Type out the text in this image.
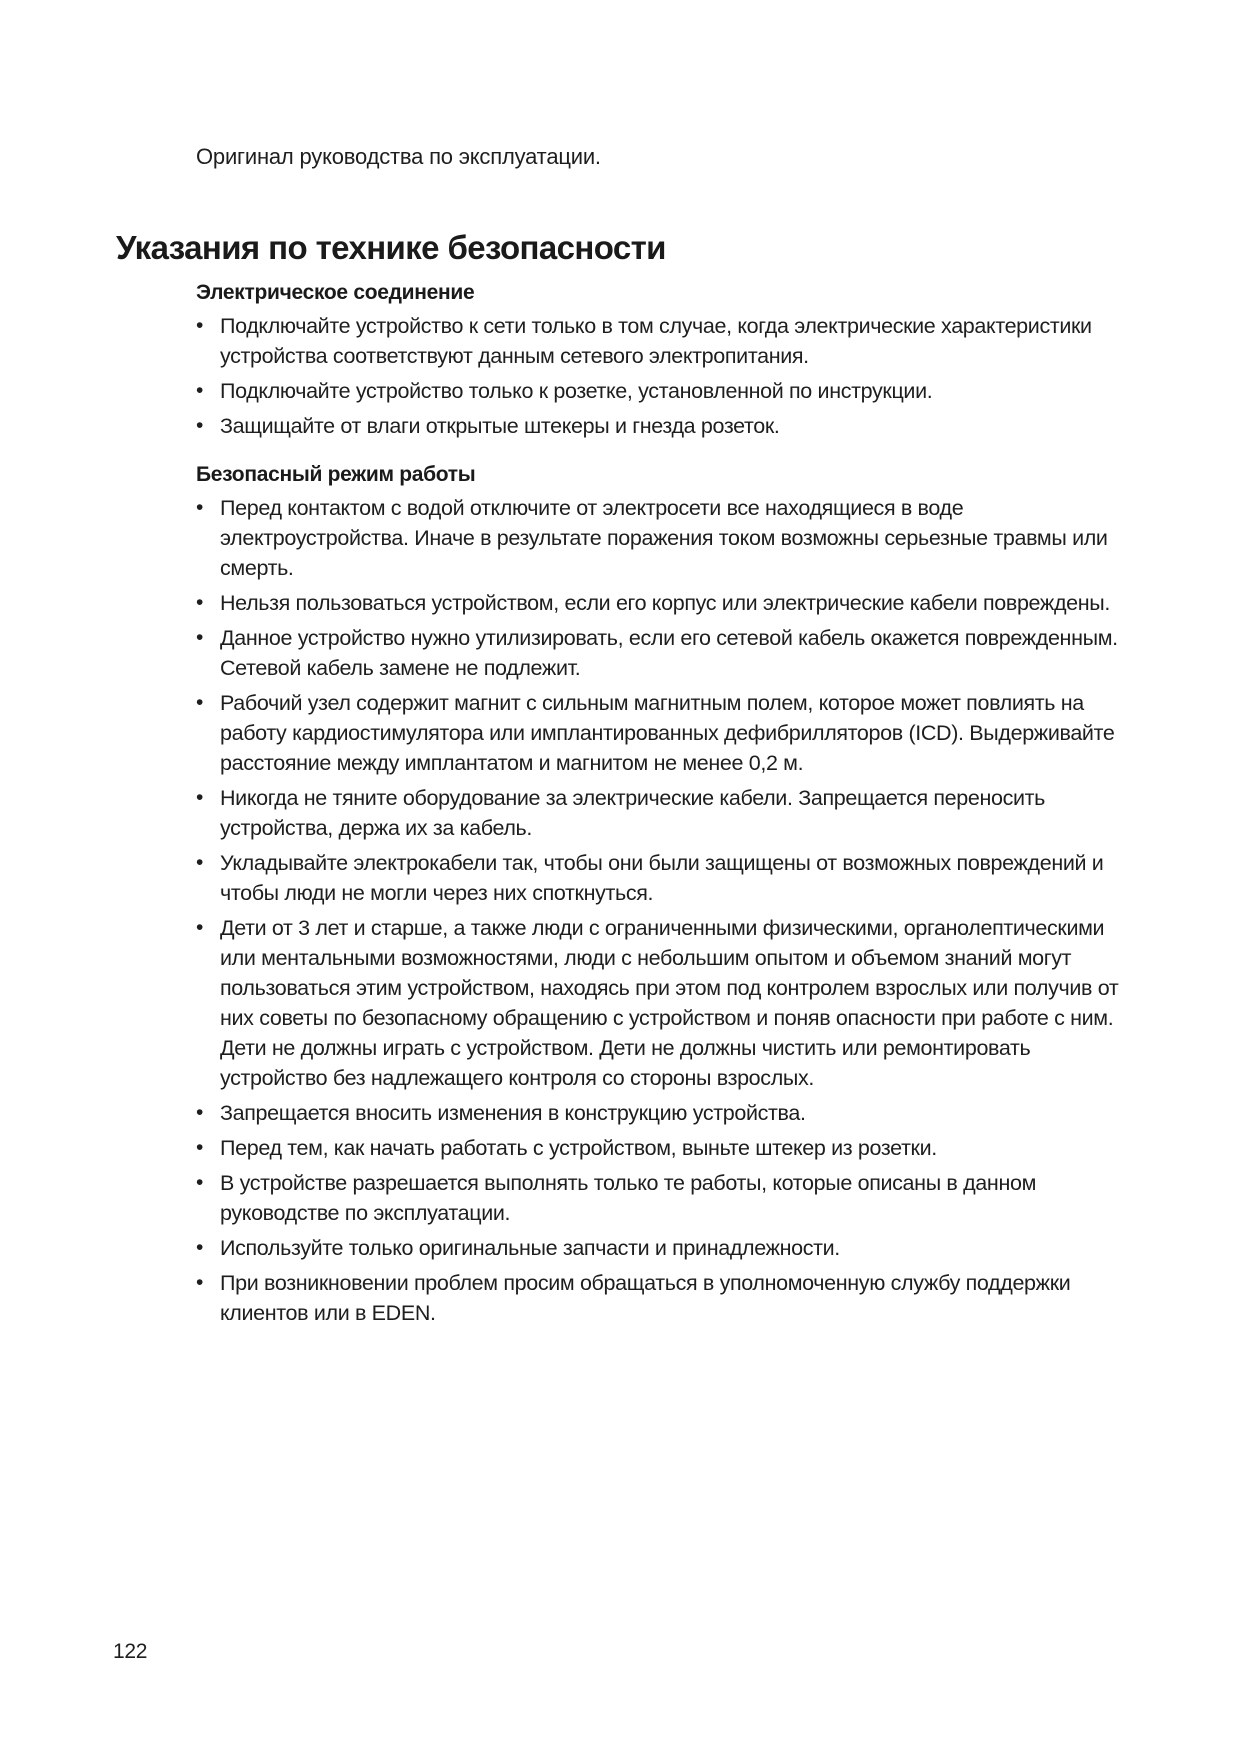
Оригинал руководства по эксплуатации.

Указания по технике безопасности
Электрическое соединение
• Подключайте устройство к сети только в том случае, когда электрические характеристики устройства соответствуют данным сетевого электропитания.
• Подключайте устройство только к розетке, установленной по инструкции.
• Защищайте от влаги открытые штекеры и гнезда розеток.
Безопасный режим работы
• Перед контактом с водой отключите от электросети все находящиеся в воде электроустройства. Иначе в результате поражения током возможны серьезные травмы или смерть.
• Нельзя пользоваться устройством, если его корпус или электрические кабели повреждены.
• Данное устройство нужно утилизировать, если его сетевой кабель окажется поврежденным. Сетевой кабель замене не подлежит.
• Рабочий узел содержит магнит с сильным магнитным полем, которое может повлиять на работу кардиостимулятора или имплантированных дефибрилляторов (ICD). Выдерживайте расстояние между имплантатом и магнитом не менее 0,2 м.
• Никогда не тяните оборудование за электрические кабели. Запрещается переносить устройства, держа их за кабель.
• Укладывайте электрокабели так, чтобы они были защищены от возможных повреждений и чтобы люди не могли через них споткнуться.
• Дети от 3 лет и старше, а также люди с ограниченными физическими, органолептическими или ментальными возможностями, люди с небольшим опытом и объемом знаний могут пользоваться этим устройством, находясь при этом под контролем взрослых или получив от них советы по безопасному обращению с устройством и поняв опасности при работе с ним. Дети не должны играть с устройством. Дети не должны чистить или ремонтировать устройство без надлежащего контроля со стороны взрослых.
• Запрещается вносить изменения в конструкцию устройства.
• Перед тем, как начать работать с устройством, выньте штекер из розетки.
• В устройстве разрешается выполнять только те работы, которые описаны в данном руководстве по эксплуатации.
• Используйте только оригинальные запчасти и принадлежности.
• При возникновении проблем просим обращаться в уполномоченную службу поддержки клиентов или в EDEN.

122
